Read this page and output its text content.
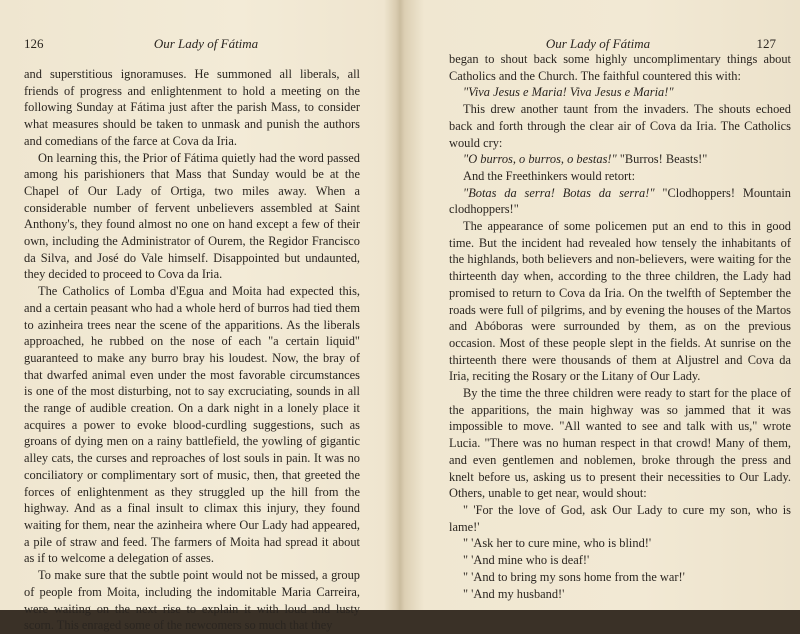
126	Our Lady of Fátima

and superstitious ignoramuses. He summoned all liberals, all friends of progress and enlightenment to hold a meeting on the following Sunday at Fátima just after the parish Mass, to consider what measures should be taken to unmask and punish the authors and comedians of the farce at Cova da Iria.

On learning this, the Prior of Fátima quietly had the word passed among his parishioners that Mass that Sunday would be at the Chapel of Our Lady of Ortiga, two miles away. When a considerable number of fervent unbelievers assembled at Saint Anthony's, they found almost no one on hand except a few of their own, including the Administrator of Ourem, the Regidor Francisco da Silva, and José do Vale himself. Disappointed but undaunted, they decided to proceed to Cova da Iria.

The Catholics of Lomba d'Egua and Moita had expected this, and a certain peasant who had a whole herd of burros had tied them to azinheira trees near the scene of the apparitions. As the liberals approached, he rubbed on the nose of each "a certain liquid" guaranteed to make any burro bray his loudest. Now, the bray of that dwarfed animal even under the most favorable circumstances is one of the most disturbing, not to say excruciating, sounds in all the range of audible creation. On a dark night in a lonely place it acquires a power to evoke blood-curdling suggestions, such as groans of dying men on a rainy battlefield, the yowling of gigantic alley cats, the curses and reproaches of lost souls in pain. It was no conciliatory or complimentary sort of music, then, that greeted the forces of enlightenment as they struggled up the hill from the highway. And as a final insult to climax this injury, they found waiting for them, near the azinheira where Our Lady had appeared, a pile of straw and feed. The farmers of Moita had spread it about as if to welcome a delegation of asses.

To make sure that the subtle point would not be missed, a group of people from Moita, including the indomitable Maria Carreira, were waiting on the next rise to explain it with loud and lusty scorn. This enraged some of the newcomers so much that they

Our Lady of Fátima	127

began to shout back some highly uncomplimentary things about Catholics and the Church. The faithful countered this with:

"Viva Jesus e Maria! Viva Jesus e Maria!"

This drew another taunt from the invaders. The shouts echoed back and forth through the clear air of Cova da Iria. The Catholics would cry:

"O burros, o burros, o bestas!" "Burros! Beasts!"

And the Freethinkers would retort:

"Botas da serra! Botas da serra!" "Clodhoppers! Mountain clodhoppers!"

The appearance of some policemen put an end to this in good time. But the incident had revealed how tensely the inhabitants of the highlands, both believers and non-believers, were waiting for the thirteenth day when, according to the three children, the Lady had promised to return to Cova da Iria. On the twelfth of September the roads were full of pilgrims, and by evening the houses of the Martos and Abóboras were surrounded by them, as on the previous occasion. Most of these people slept in the fields. At sunrise on the thirteenth there were thousands of them at Aljustrel and Cova da Iria, reciting the Rosary or the Litany of Our Lady.

By the time the three children were ready to start for the place of the apparitions, the main highway was so jammed that it was impossible to move. "All wanted to see and talk with us," wrote Lucia. "There was no human respect in that crowd! Many of them, and even gentlemen and noblemen, broke through the press and knelt before us, asking us to present their necessities to Our Lady. Others, unable to get near, would shout:

" 'For the love of God, ask Our Lady to cure my son, who is lame!'

" 'Ask her to cure mine, who is blind!'

" 'And mine who is deaf!'

" 'And to bring my sons home from the war!'

" 'And my husband!'
